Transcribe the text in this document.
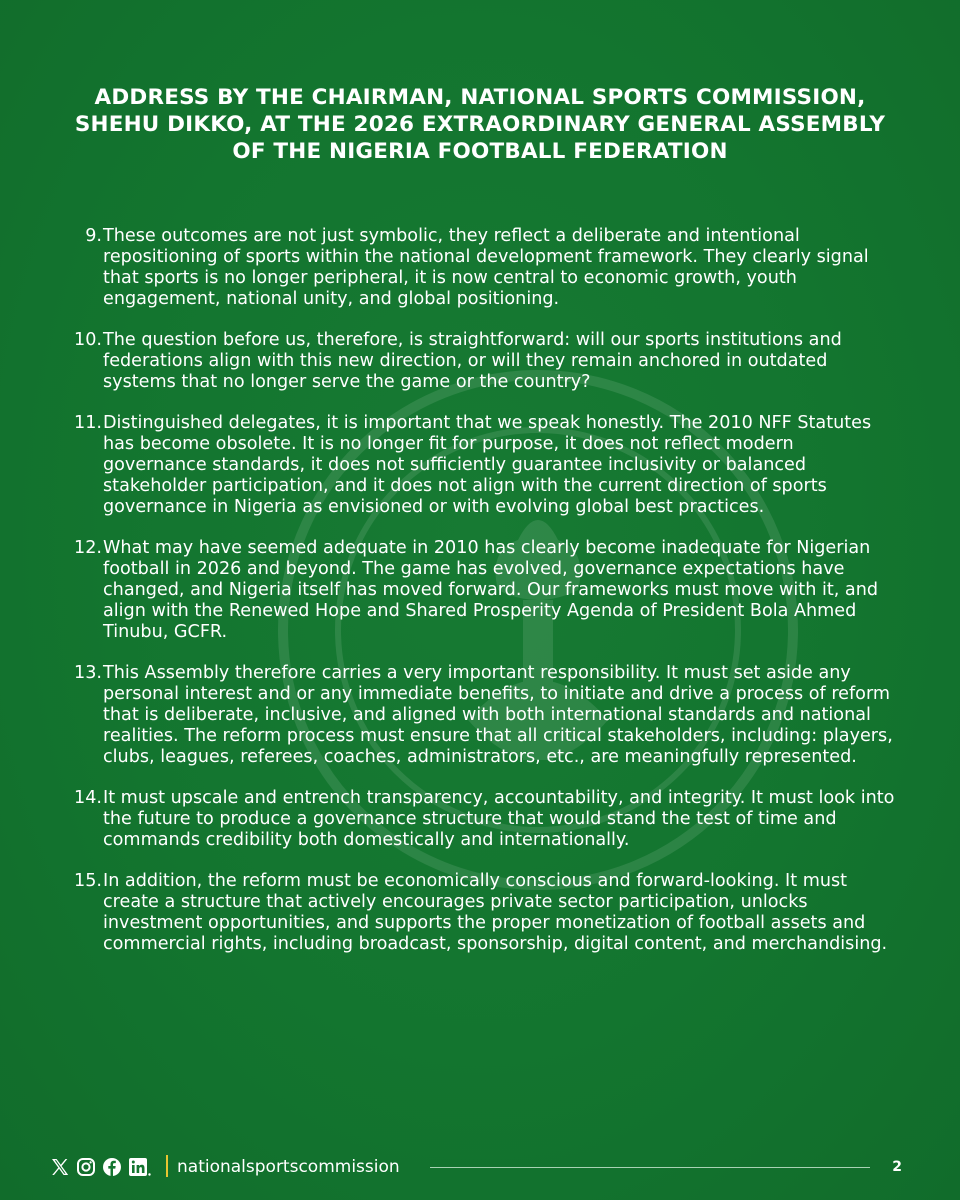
ADDRESS BY THE CHAIRMAN, NATIONAL SPORTS COMMISSION, SHEHU DIKKO, AT THE 2026 EXTRAORDINARY GENERAL ASSEMBLY OF THE NIGERIA FOOTBALL FEDERATION
9. These outcomes are not just symbolic, they reflect a deliberate and intentional repositioning of sports within the national development framework. They clearly signal that sports is no longer peripheral, it is now central to economic growth, youth engagement, national unity, and global positioning.
10. The question before us, therefore, is straightforward: will our sports institutions and federations align with this new direction, or will they remain anchored in outdated systems that no longer serve the game or the country?
11. Distinguished delegates, it is important that we speak honestly. The 2010 NFF Statutes has become obsolete. It is no longer fit for purpose, it does not reflect modern governance standards, it does not sufficiently guarantee inclusivity or balanced stakeholder participation, and it does not align with the current direction of sports governance in Nigeria as envisioned or with evolving global best practices.
12. What may have seemed adequate in 2010 has clearly become inadequate for Nigerian football in 2026 and beyond. The game has evolved, governance expectations have changed, and Nigeria itself has moved forward. Our frameworks must move with it, and align with the Renewed Hope and Shared Prosperity Agenda of President Bola Ahmed Tinubu, GCFR.
13. This Assembly therefore carries a very important responsibility. It must set aside any personal interest and or any immediate benefits, to initiate and drive a process of reform that is deliberate, inclusive, and aligned with both international standards and national realities. The reform process must ensure that all critical stakeholders, including: players, clubs, leagues, referees, coaches, administrators, etc., are meaningfully represented.
14. It must upscale and entrench transparency, accountability, and integrity. It must look into the future to produce a governance structure that would stand the test of time and commands credibility both domestically and internationally.
15. In addition, the reform must be economically conscious and forward-looking. It must create a structure that actively encourages private sector participation, unlocks investment opportunities, and supports the proper monetization of football assets and commercial rights, including broadcast, sponsorship, digital content, and merchandising.
nationalsportscommission	2
